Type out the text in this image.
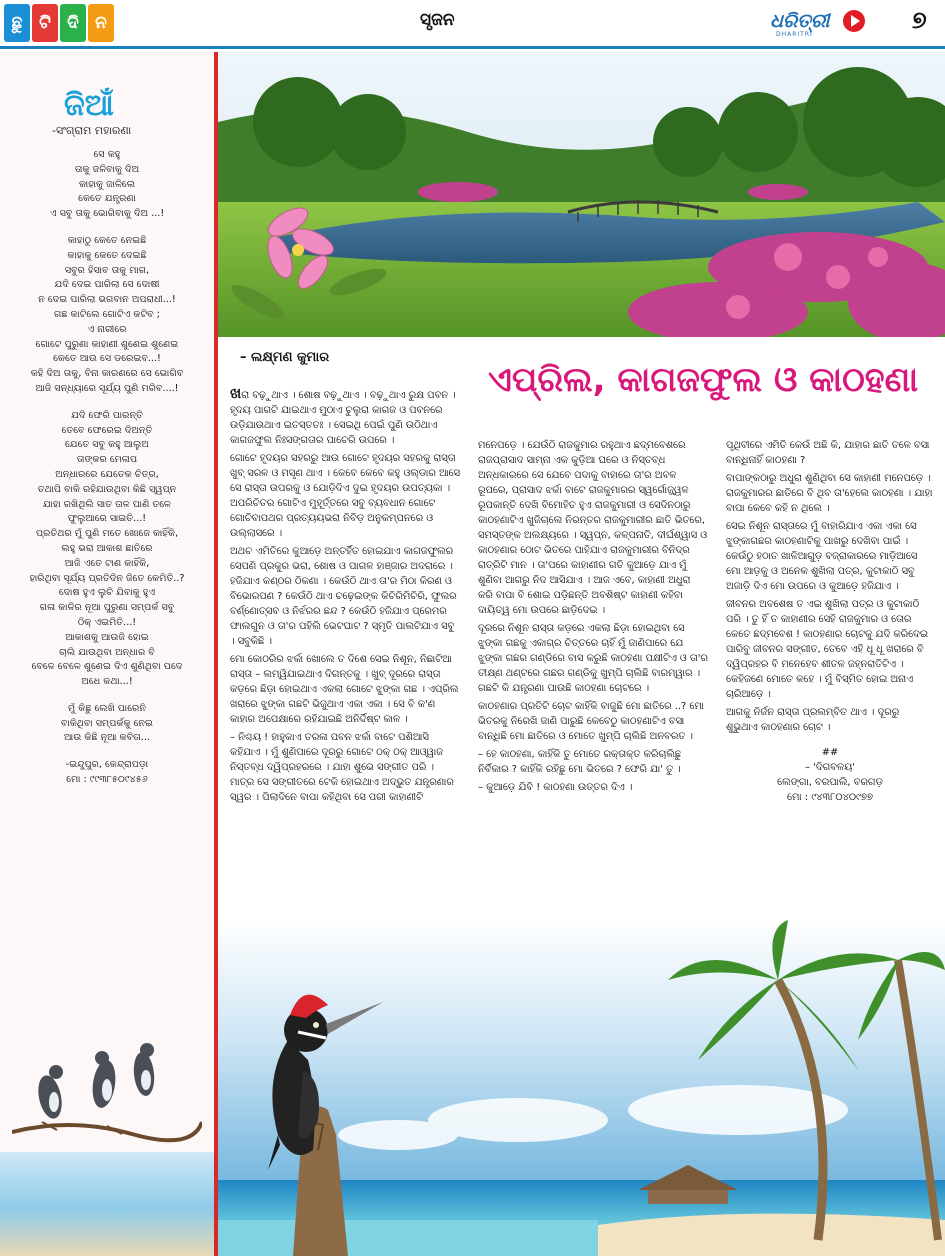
ଛୁ ଟି ଦି ନ	ସୃଜନ	ଧରିତ୍ରୀ
DHARITRI
୭
ଜିଆଁ
-ସଂଗ୍ରାମ ମହାରଣା
ସେ କହୁ
ତାକୁ ଜଳିବାକୁ ଦିଅ
କାହାକୁ ଜାଳିଲେ
କେତେ ଯନ୍ତ୍ରଣା
ଏ ସବୁ ତାକୁ ଭୋଗିବାକୁ ଦିଅ ...!
କାହାଠୁ କେତେ ନେଇଛି
କାହାକୁ କେତେ ଦେଇଛି
ସବୁର ହିସାବ ତାକୁ ମାଗ,
ଯଦି ଦେଇ ପାରିଲା ସେ ଦୋଷୀ
ନ ଦେଇ ପାରିଲା ଭଗବାନ ଅପରାଧୀ...!
ଗଛ କାଟିଲେ ଗୋଟିଏ କଟିବ ;
ଏ ନାରୀରେ
ଗୋଟେ ପୁରୁଣା କାହାଣୀ ଶୁଣେଇ ଶୁଣେଇ
କେତେ ଆଉ ସେ ଡରେଇବ...!
କହି ଦିଅ ତାକୁ, ବିନା କାରଣରେ ସେ ଭୋଗିବ
ଆଜି ସନ୍ଧ୍ୟାରେ ସୂର୍ଯ୍ୟ ପୁଣି ମରିବ....!
ଯଦି ଫେରି ପାରନ୍ତି
ତେବେ ଫେରେଇ ଦିଅନ୍ତି
ଯେତେ ସବୁ କହୁ ଆଲୁଅ
ତାଙ୍କର ମେଳାପ
ଅନ୍ଧାରରେ ଯେତେକ ଚିତ୍ର,
ତଥାପି ବାକି ରହିଯାଉଥିବା କିଛି ସ୍ୱପ୍ନ
ଯାହା ରଖିଥିଲି ସାତ ତାଳ ପାଣି ତଳେ
ଫୁଲୁଆରେ ସାଇତି...!
ପ୍ରତିଥର ମୁଁ ପୁଣି ମତେ ଖୋଜେ କାହିଁକି,
ଲହୁ ଭରା ଆକାଶ ଛାତିରେ
ଆଜି ଏତେ ଟାଣ କାହିଁକି,
ହାରିଥିବା ସୂର୍ଯ୍ୟ ପ୍ରତିଦିନ ଜିତେ କେମିତି..?
ଦୋଷ ହୁଏ ଲୁଚି ଯିବାକୁ ହୁଏ
ଗଳା କାଳିର ନୂଆ ପୁରୁଣା ସମ୍ପର୍କ ସବୁ
ଠିକ୍ ଏଇମିତି...!
ଆକାଶକୁ ଆଉଜି ହୋଇ
ଚାଲି ଯାଉଥିବା ଅନ୍ଧାର ବି
ବେଳେ ବେଳେ ଶୁଣେଇ ଦିଏ ଶୁଣିଥିବା ପଦେ
ଅଧେ କଥା...!
ମୁଁ କିଛୁ ଲେଖି ପାରେନି
ବାକିଥିବା ସମ୍ପର୍କକୁ ନେଇ
ଆଉ କିଛି ନୂଆ କବିତା...
-ଇନ୍ଦୁପୁର, କେନ୍ଦ୍ରାପଡ଼ା
ମୋ : ୯୯୩୮୫୦୯୪୫୬
– ଲକ୍ଷ୍ମଣ କୁମାର
ଏପ୍ରିଲ, କାଗଜଫୁଲ ଓ କାଠହଣା

ଖରା ବଢ଼ୁଥାଏ । ଶୋଷ ବଢ଼ୁଥାଏ । ବଢ଼ୁଥାଏ ରୁକ୍ଷ ପବନ । ହୃଦୟ ପାଗଟି ଯାଇଥାଏ ମୁଠାଏ ଚୁଲୁରା କାଗଜ ଓ ପବନରେ ଉଡ଼ିଯାଉଥାଏ ଇତସ୍ତତଃ । ସେଇଥି ପେଇଁ ପୁଣି ଉଠିଥାଏ କାଗଜଫୁଲ ନିଃସଙ୍ଗତାର ପାଚେରି ଉପରେ ।

ଗୋଟେ ହୃଦୟର ସହରରୁ ଆଉ ଗୋଟେ ହୃଦୟର ସହରକୁ ରାସ୍ତା ଖୁବ୍ ସରଳ ଓ ମସୃଣ ଥାଏ । କେବେ କେବେ କହୁ ଓଲ୍ଡାର ଆସେ ସେ ରାସ୍ତା ଉପରକୁ ଓ ଯୋଡ଼ିଦିଏ ଦୁଇ ହୃଦୟର ଉପତ୍ୟକା । ଅପରିଚିତର ଗୋଟିଏ ମୁହୂର୍ତ୍ତରେ ସବୁ ବ୍ୟବଧାନ ଗୋଟେ ଗୋଚିବାପଥର ପ୍ରତ୍ୟୟଭରା ନିବିଡ଼ ଅନୁକମ୍ପନରେ ଓ ଉଲ୍ଲାସରେ ।

ଅଥଚ ଏମିତିରେ କୁଆଡ଼େ ଅନ୍ତର୍ହିତ ହୋଇଯାଏ କାଗଜଫୁଲର ସେପଣି ପ୍ରକୁର ଭରା, ଶୋଷ ଓ ପାଗଳ ହାଞ୍ଜାର ଅଦରାରେ । ହଜିଯାଏ କଣ୍ଠର ଠିକଣା । କେଉଁଠି ଥାଏ ତା'ର ମିଠା କିରଣ ଓ ବିଭୋରପଣ ? କେଉଁଠି ଥାଏ ଚଢ଼େଇଙ୍କ କିଚିରିମିଚିରି, ଫୁଲର ବର୍ଣ୍ଣୋତ୍ସବ ଓ ନିର୍ଝରର ଛନ୍ଦ ? କେଉଁଠି ହଜିଯାଏ ପ୍ରେମର ଫାଲଗୁନ ଓ ତା'ର ପହିଲି ଭେଟଘାଟ ? ସ୍ମୃତି ପାଲଟିଯାଏ ସବୁ । ସବୁକିଛି ।

ମୋ କୋଠରିର ଝର୍କା ଖୋଲେ ତ ଦିଶେ ସେଇ ନିଶୂନ, ନିଛାଟିଆ ରାସ୍ତା – ଲମ୍ୱିଯାଇଥାଏ ଦିଗନ୍ତକୁ । ଖୁବ୍ ଦୂରରେ ରାସ୍ତା କଡ଼ରେ ଛିଡ଼ା ହୋଇଥାଏ ଏକଲା ଗୋଟେ ଝୁଙ୍କା ଗଛ । ଏପ୍ରିଲ ଖରାରେ ଝୁଙ୍କା ଗଛଟି ଭିଜୁଥାଏ ଏକା ଏକା । ସେ ବି କ'ଣ କାହାର ଅପେକ୍ଷାରେ ରହିଯାଇଛି ଅନିର୍ଦ୍ଦିଷ୍ଟ କାଳ ।

– ନିଶ୍ଚୟ ! ହାହୁକାଏ ତରଳା ପବନ ଝର୍କା ବାଟେ ପଶିଆସି କହିଯାଏ । ମୁଁ ଶୁଣିପାରେ ଦୂରରୁ ଗୋଟେ ଠକ୍ ଠକ୍ ଆଓ୍ୱାଜ ନିସ୍ତବ୍ଧ ଦ୍ୱିପ୍ରହରରେ । ଯାହା ଶୁଭେ ସଙ୍ଗୀତ ପରି । ମାତ୍ର ସେ ସଙ୍ଗୀତରେ ଟେକି ହୋଇଥାଏ ଅଦ୍ଭୁତ ଯନ୍ତ୍ରଣାର ସ୍ୱର । ପିଲାଦିନେ ବାପା କହିଥିବା ସେ ପରୀ କାହାଣୀଟି

ମନେପଡ଼େ । ଯେଉଁଠି ରାଜକୁମାର ରହୁଥାଏ ଛଦ୍ମବେଶରେ ରାଜପ୍ରାସାଦ ସାମ୍ନା ଏକ କୁଡ଼ିଆ ଘରେ ଓ ନିସ୍ତବ୍ଧ ଅନ୍ଧକାରରେ ସେ ଯେବେ ପଦାକୁ ବାହାରେ ତା'ର ଅବଳ ରୂପରେ, ପ୍ରାସାଦ ଝର୍କା ବାଟେ ରାଜକୁମାରର ସ୍ୱର୍ଗୋଜ୍ଜ୍ୱଳ ରୂପକାନ୍ତି ଦେଖି ବିମୋହିତ ହୁଏ ରାଜକୁମାରୀ ଓ ସେଦିନଠାରୁ କାଠହଣାଟିଏ ଖୁଜିଚାଲେ ନିରନ୍ତର ରାଜକୁମାରୀର ଛାତି ଭିତରେ, ସମସ୍ତଙ୍କ ଅଲକ୍ଷ୍ୟରେ । ସ୍ୱପ୍ନ, କଳ୍ପନାତି, ଦୀର୍ଘଶ୍ୱାସ ଓ କାଠହଣାର ଠୋଟ ଭିତରେ ପାହିଯାଏ ରାଜକୁମାରୀର ବିନିଦ୍ର ରାତ୍ରିଟି ମାନ । ତା'ପରେ କାହାଣୀର ଗତି କୁଆଡ଼େ ଯାଏ ମୁଁ ଶୁଣିବା ଆଗରୁ ନିଦ ଆସିଯାଏ । ଆଜ ଏବେ, କାହାଣୀ ଅଧୁରା କରି ବାପା ବି ଶୋଇ ପଡ଼ିଛନ୍ତି ଅବଶିଷ୍ଟ କାହାଣୀ କହିବା ଦାୟିତ୍ୱ ମୋ ଉପରେ ଛାଡ଼ିଦେଇ ।

ଦୂରରେ ନିଶୂନ ରାସ୍ତା କଡ଼ରେ ଏକଲା ଛିଡ଼ା ହୋଇଥିବା ସେ ଝୁଙ୍କା ଗଛକୁ ଏକାଗ୍ର ଚିତ୍ତରେ ଚାହିଁ ମୁଁ ଜାଣିପାରେ ଯେ ଝୁଙ୍କା ଗଛର ଗଣ୍ଡିରେ ବାସ କରୁଛି କାଠହଣା ପକ୍ଷୀଟିଏ ଓ ତା'ର ତୀକ୍ଷ୍ଣ ଥଣ୍ଟରେ ଗଛର ଗଣ୍ଡିକୁ ଖୁମ୍ପି ଚାଲିଛି ବାରମ୍ୱାର । ଗଛଟି କି ଯନ୍ତ୍ରଣା ପାଉଛି କାଠହଣା ଚୋଟରେ ।

କାଠହଣାର ପ୍ରତିଟି ଚୋଟ କାହିଁକି ବାଜୁଛି ମୋ ଛାତିରେ ..? ମୋ ଭିତରକୁ ନିରେଖି ଜାଣି ପାରୁଛି କେବେଠୁ କାଠହଣାଟିଏ ବସା ବାନ୍ଧିଛି ମୋ ଛାତିରେ ଓ ମୋତେ ଖୁମ୍ପି ଚାଲିଛି ଅନବରତ ।

– ହେ କାଠହଣା, କାହିଁକି ତୁ ମୋତେ ରକ୍ତାକ୍ତ କରିଚାଲିଛୁ ନିର୍ବିକାର ? କାହିଁକି ରହିଛୁ ମୋ ଭିତରେ ? ଫେରି ଯା' ତୁ ।

– କୁଆଡ଼େ ଯିବି ! କାଠହଣା ଉତ୍ତର ଦିଏ ।

ପୃଥିବୀରେ ଏମିତି କେଉଁ ଅଛି କି, ଯାହାର ଛାତି ତଳେ ବସା ବାନ୍ଧିନାହିଁ କାଠହଣା ?

ବାପାଙ୍କଠାରୁ ଅଧୁରା ଶୁଣିଥିବା ସେ କାହାଣୀ ମନେପଡ଼େ । ରାଜକୁମାରର ଛାତିରେ ବି ଥିବ ତା'ହେଲେ କାଠହଣା । ଯାହା ବାପା କେବେ କହି ନ ଥିଲେ ।

ସେଇ ନିଶୂନ ରାସ୍ତାରେ ମୁଁ ବାହାରିଯାଏ ଏକା ଏକା ସେ ଝୁଙ୍କାଗଛର କାଠହଣାଟିକୁ ପାଖରୁ ଦେଖିବା ପାଇଁ । କେଉଁଠୁ ହଠାତ ଖାଳିଆଗୁଡ଼ ବଜ୍ରାକାରରେ ମାଡ଼ିଆସେ ମୋ ଆଡ଼କୁ ଓ ଅନେକ ଶୁଖିଲା ପତ୍ର, କୁଟାକାଠି ସବୁ ଅଜାଡ଼ି ଦିଏ ମୋ ଉପରେ ଓ କୁଆଡ଼େ ହଜିଯାଏ ।

ଜୀବନର ଅବଶେଷ ତ ଏଇ ଶୁଖିଲା ପତ୍ର ଓ କୁଟାକାଠି ପରି । ତୁ ହିଁ ତ କାହାଣୀର ସେହି ରାଜକୁମାର ଓ ତୋର କେତେ ଛଦ୍ମବେଶ ! କାଠହଣାର ଚୋଟକୁ ଯଦି କରିଦେଇ ପାରିବୁ ଜୀବନର ସଙ୍ଗୀତ, ତେବେ ଏହି ଧୂ ଧୂ ଖରାରେ ବି ଦ୍ୱିପ୍ରହର ବି ମନେହେବ ଶୀତଳ ଜହ୍ନରାତିଟିଏ । କେହିଜଣେ ମୋତେ କହେ । ମୁଁ ବିସ୍ମିତ ହୋଇ ଅନାଏ ଚାରିଆଡ଼େ ।

ଆଗକୁ ନିର୍ଜନ ରାସ୍ତା ପ୍ରଲମ୍ବିତ ଥାଏ । ଦୂରରୁ ଶୁଭୁଥାଏ କାଠହଣାର ଚୋଟ ।

##
– 'ଦିଗବଳୟ'
ଲେଙ୍ଗା, ବରପାଲି, ବରଗଡ଼
ମୋ : ୯୪୩୮୦୪୦୯୭୭
